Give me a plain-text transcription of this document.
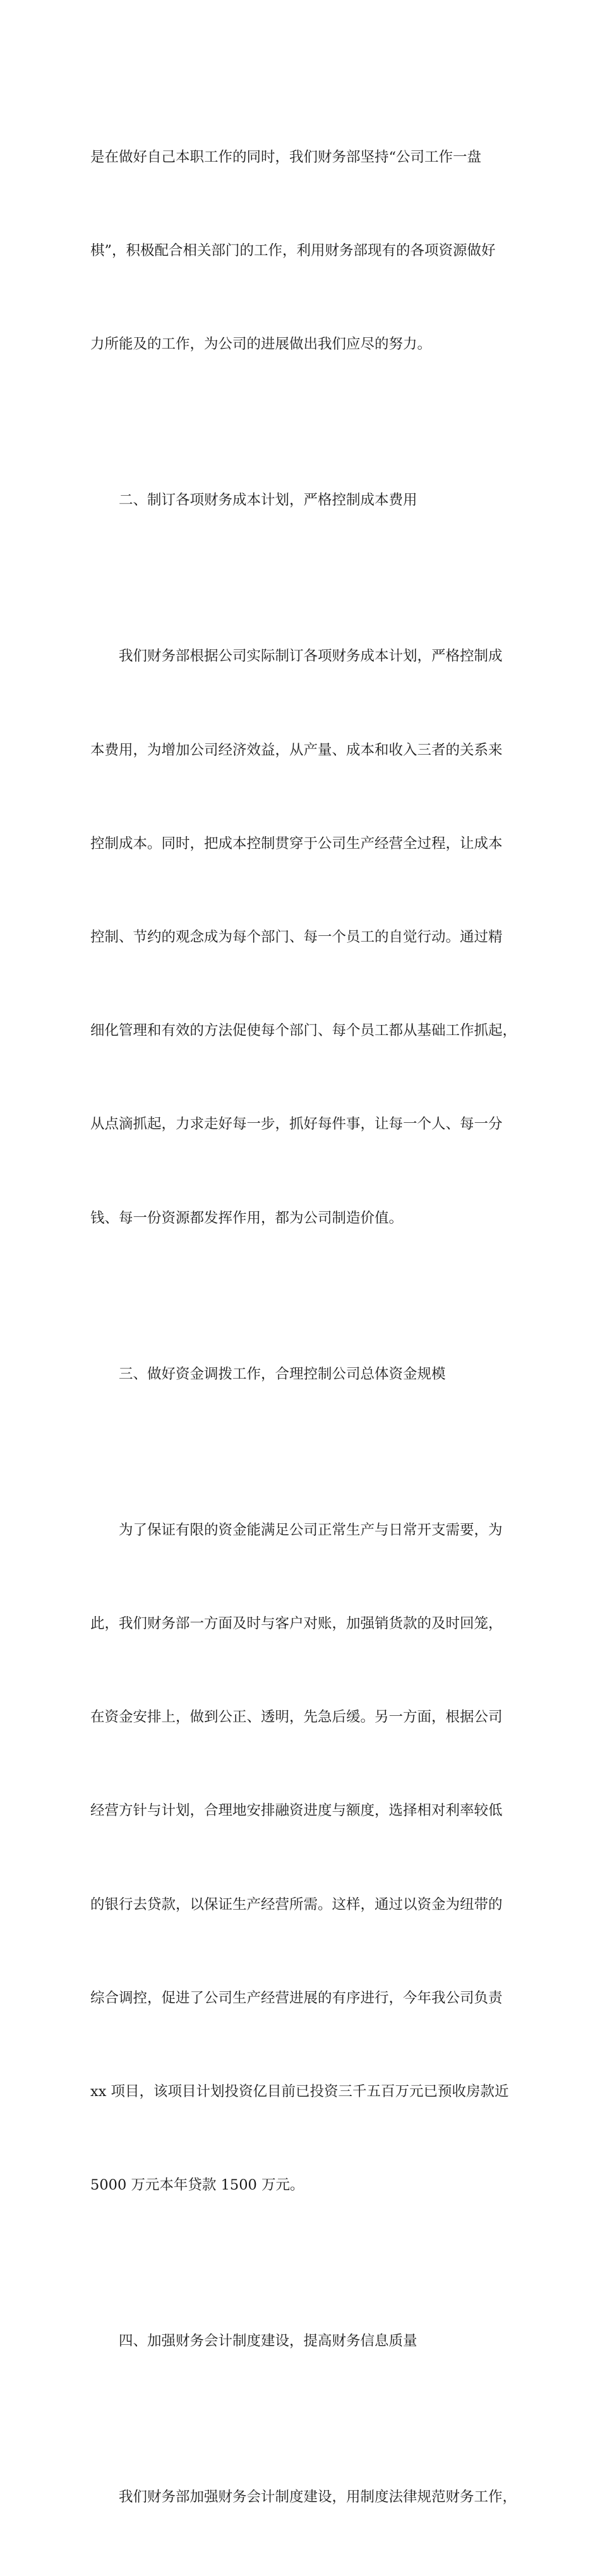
是在做好自己本职工作的同时，我们财务部坚持“公司工作一盘

棋”，积极配合相关部门的工作，利用财务部现有的各项资源做好

力所能及的工作，为公司的进展做出我们应尽的努力。

二、制订各项财务成本计划，严格控制成本费用

我们财务部根据公司实际制订各项财务成本计划，严格控制成

本费用，为增加公司经济效益，从产量、成本和收入三者的关系来

控制成本。同时，把成本控制贯穿于公司生产经营全过程，让成本

控制、节约的观念成为每个部门、每一个员工的自觉行动。通过精

细化管理和有效的方法促使每个部门、每个员工都从基础工作抓起，

从点滴抓起，力求走好每一步，抓好每件事，让每一个人、每一分

钱、每一份资源都发挥作用，都为公司制造价值。

三、做好资金调拨工作，合理控制公司总体资金规模

为了保证有限的资金能满足公司正常生产与日常开支需要，为

此，我们财务部一方面及时与客户对账，加强销货款的及时回笼，

在资金安排上，做到公正、透明，先急后缓。另一方面，根据公司

经营方针与计划，合理地安排融资进度与额度，选择相对利率较低

的银行去贷款，以保证生产经营所需。这样，通过以资金为纽带的

综合调控，促进了公司生产经营进展的有序进行，今年我公司负责

xx 项目，该项目计划投资亿目前已投资三千五百万元已预收房款近

5000 万元本年贷款 1500 万元。

四、加强财务会计制度建设，提高财务信息质量

我们财务部加强财务会计制度建设，用制度法律规范财务工作，
